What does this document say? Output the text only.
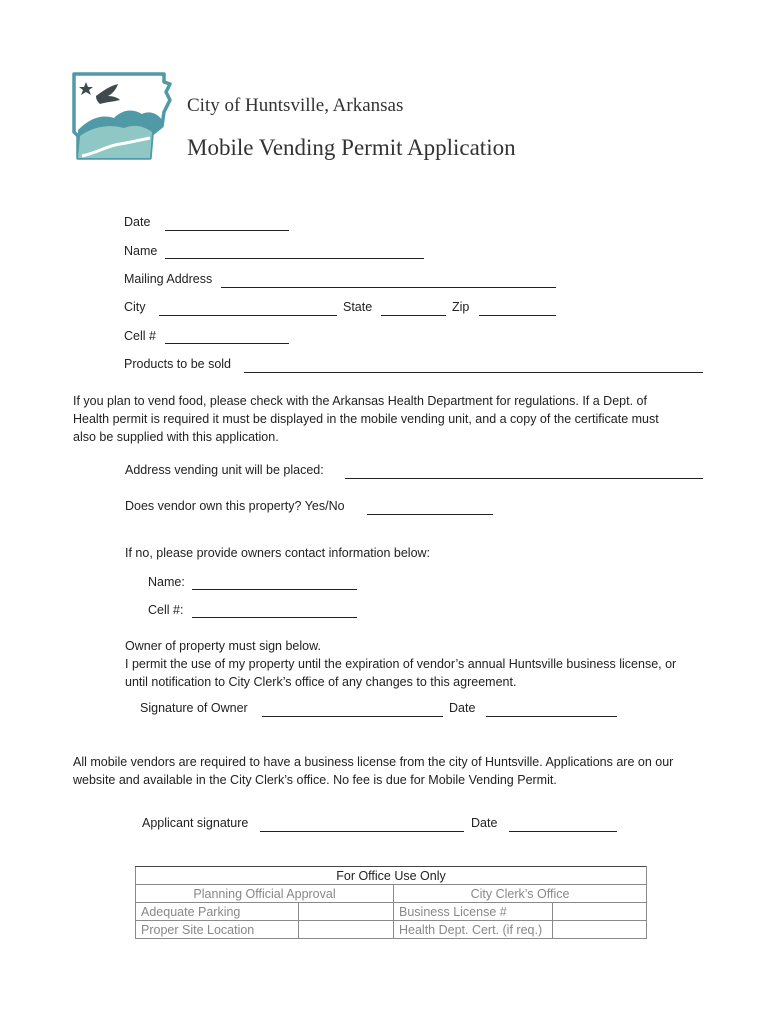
City of Huntsville, Arkansas
Mobile Vending Permit Application
Date
Name
Mailing Address
City	State	Zip
Cell #
Products to be sold
If you plan to vend food, please check with the Arkansas Health Department for regulations. If a Dept. of
Health permit is required it must be displayed in the mobile vending unit, and a copy of the certificate must
also be supplied with this application.
Address vending unit will be placed:
Does vendor own this property? Yes/No
If no, please provide owners contact information below:
Name:
Cell #:
Owner of property must sign below.
I permit the use of my property until the expiration of vendor’s annual Huntsville business license, or
until notification to City Clerk’s office of any changes to this agreement.
Signature of Owner	Date
All mobile vendors are required to have a business license from the city of Huntsville. Applications are on our
website and available in the City Clerk’s office. No fee is due for Mobile Vending Permit.
Applicant signature	Date
For Office Use Only			
Planning Official Approval		City Clerk’s Office	
Adequate Parking		Business License #	
Proper Site Location		Health Dept. Cert. (if req.)	
